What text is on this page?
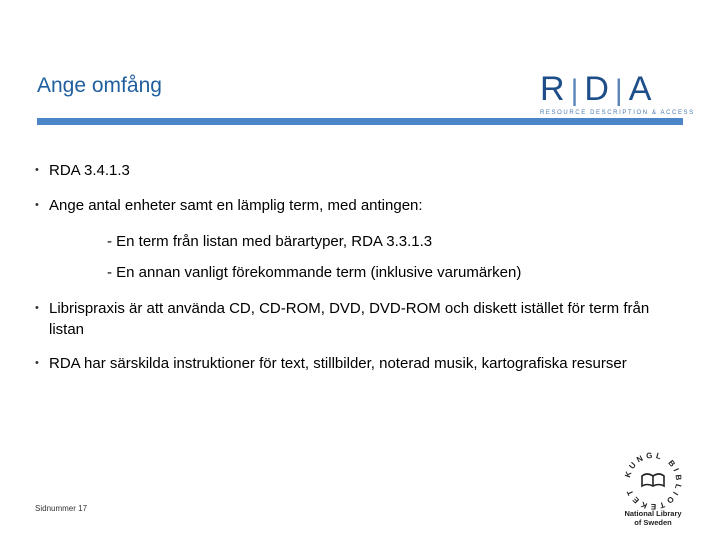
Ange omfång	R | D | A
RESOURCE DESCRIPTION & ACCESS
• RDA 3.4.1.3
• Ange antal enheter samt en lämplig term, med antingen:
- En term från listan med bärartyper, RDA 3.3.1.3
- En annan vanligt förekommande term (inklusive varumärken)
• Librispraxis är att använda CD, CD-ROM, DVD, DVD-ROM och diskett istället för term från listan
• RDA har särskilda instruktioner för text, stillbilder, noterad musik, kartografiska resurser
Sidnummer 17
KUNGL BIBLIOTEKET
National Library
of Sweden
